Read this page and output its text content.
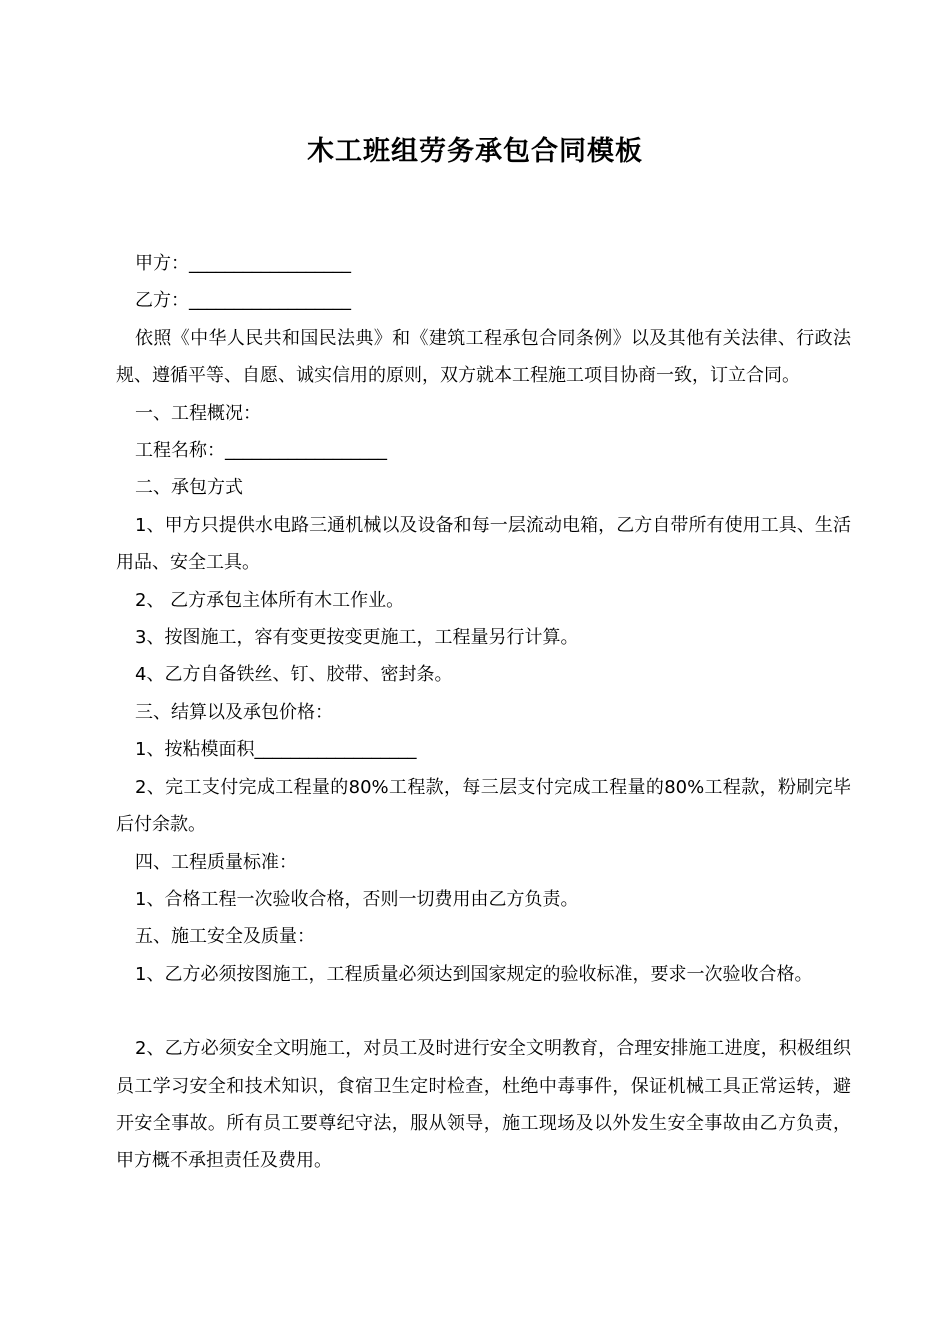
木工班组劳务承包合同模板

甲方：__________________

乙方：__________________

依照《中华人民共和国民法典》和《建筑工程承包合同条例》以及其他有关法律、行政法规、遵循平等、自愿、诚实信用的原则，双方就本工程施工项目协商一致，订立合同。

一、工程概况：

工程名称：__________________

二、承包方式

1、甲方只提供水电路三通机械以及设备和每一层流动电箱，乙方自带所有使用工具、生活用品、安全工具。

2、 乙方承包主体所有木工作业。

3、按图施工，容有变更按变更施工，工程量另行计算。

4、乙方自备铁丝、钉、胶带、密封条。

三、结算以及承包价格：

1、按粘模面积__________________

2、完工支付完成工程量的80%工程款，每三层支付完成工程量的80%工程款，粉刷完毕后付余款。

四、工程质量标准：

1、合格工程一次验收合格，否则一切费用由乙方负责。

五、施工安全及质量：

1、乙方必须按图施工，工程质量必须达到国家规定的验收标准，要求一次验收合格。

2、乙方必须安全文明施工，对员工及时进行安全文明教育，合理安排施工进度，积极组织员工学习安全和技术知识，食宿卫生定时检查，杜绝中毒事件，保证机械工具正常运转，避开安全事故。所有员工要尊纪守法，服从领导，施工现场及以外发生安全事故由乙方负责，甲方概不承担责任及费用。
